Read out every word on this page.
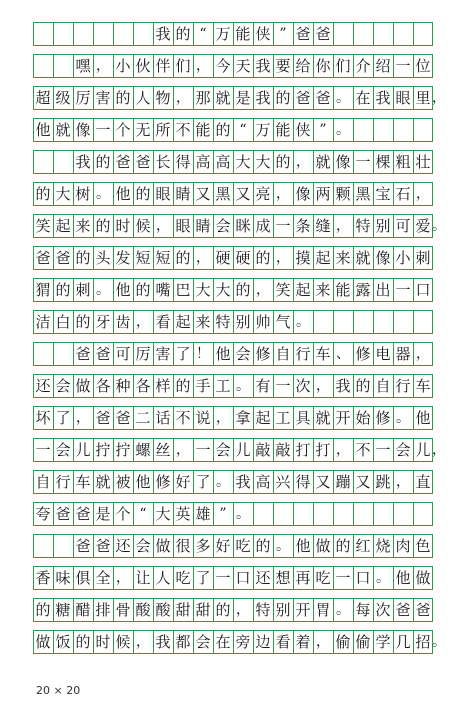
我 的 “ 万 能 侠 ” 爸 爸
嘿 ， 小 伙 伴 们 ， 今 天 我 要 给 你 们 介 绍 一 位
超 级 厉 害 的 人 物 ， 那 就 是 我 的 爸 爸 。 在 我 眼 里 ，
他 就 像 一 个 无 所 不 能 的 “ 万 能 侠 ” 。
我 的 爸 爸 长 得 高 高 大 大 的 ， 就 像 一 棵 粗 壮
的 大 树 。 他 的 眼 睛 又 黑 又 亮 ， 像 两 颗 黑 宝 石 ，
笑 起 来 的 时 候 ， 眼 睛 会 眯 成 一 条 缝 ， 特 别 可 爱 。
爸 爸 的 头 发 短 短 的 ， 硬 硬 的 ， 摸 起 来 就 像 小 刺
猬 的 刺 。 他 的 嘴 巴 大 大 的 ， 笑 起 来 能 露 出 一 口
洁 白 的 牙 齿 ， 看 起 来 特 别 帅 气 。
爸 爸 可 厉 害 了 ！ 他 会 修 自 行 车 、 修 电 器 ，
还 会 做 各 种 各 样 的 手 工 。 有 一 次 ， 我 的 自 行 车
坏 了 ， 爸 爸 二 话 不 说 ， 拿 起 工 具 就 开 始 修 。 他
一 会 儿 拧 拧 螺 丝 ， 一 会 儿 敲 敲 打 打 ， 不 一 会 儿 ，
自 行 车 就 被 他 修 好 了 。 我 高 兴 得 又 蹦 又 跳 ， 直
夸 爸 爸 是 个 “ 大 英 雄 ” 。
爸 爸 还 会 做 很 多 好 吃 的 。 他 做 的 红 烧 肉 色
香 味 俱 全 ， 让 人 吃 了 一 口 还 想 再 吃 一 口 。 他 做
的 糖 醋 排 骨 酸 酸 甜 甜 的 ， 特 别 开 胃 。 每 次 爸 爸
做 饭 的 时 候 ， 我 都 会 在 旁 边 看 着 ， 偷 偷 学 几 招 。
20 × 20
